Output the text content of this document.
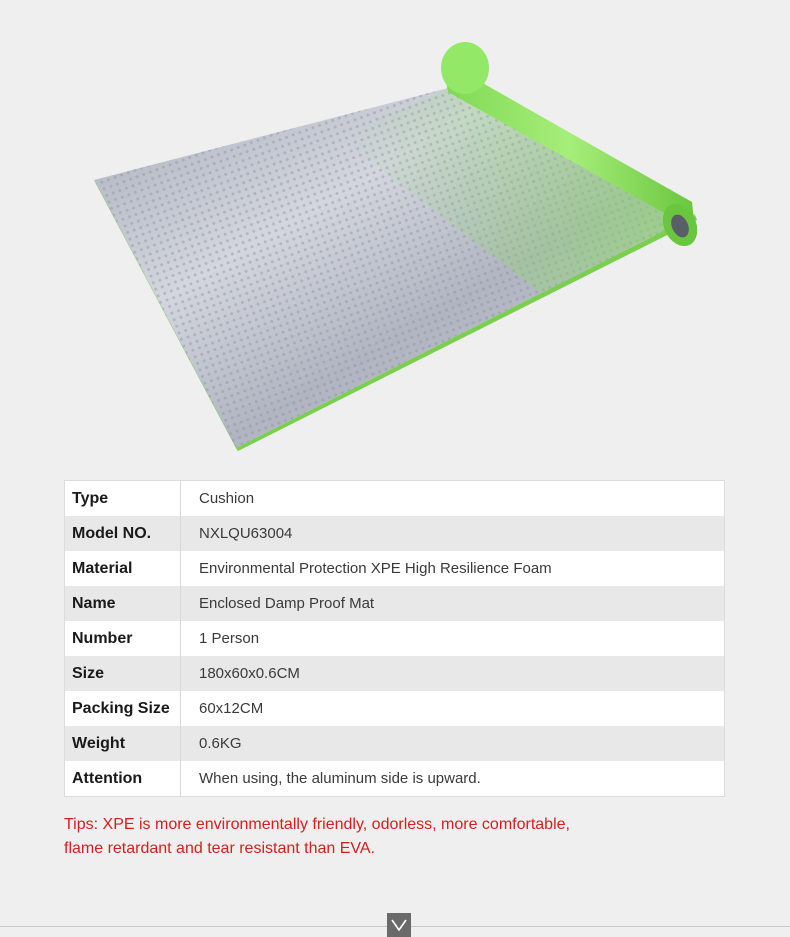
Type	Cushion
Model NO.	NXLQU63004
Material	Environmental Protection XPE High Resilience Foam
Name	Enclosed Damp Proof Mat
Number	1 Person
Size	180x60x0.6CM
Packing Size	60x12CM
Weight	0.6KG
Attention	When using, the aluminum side is upward.
Tips: XPE is more environmentally friendly, odorless, more comfortable,
flame retardant and tear resistant than EVA.
